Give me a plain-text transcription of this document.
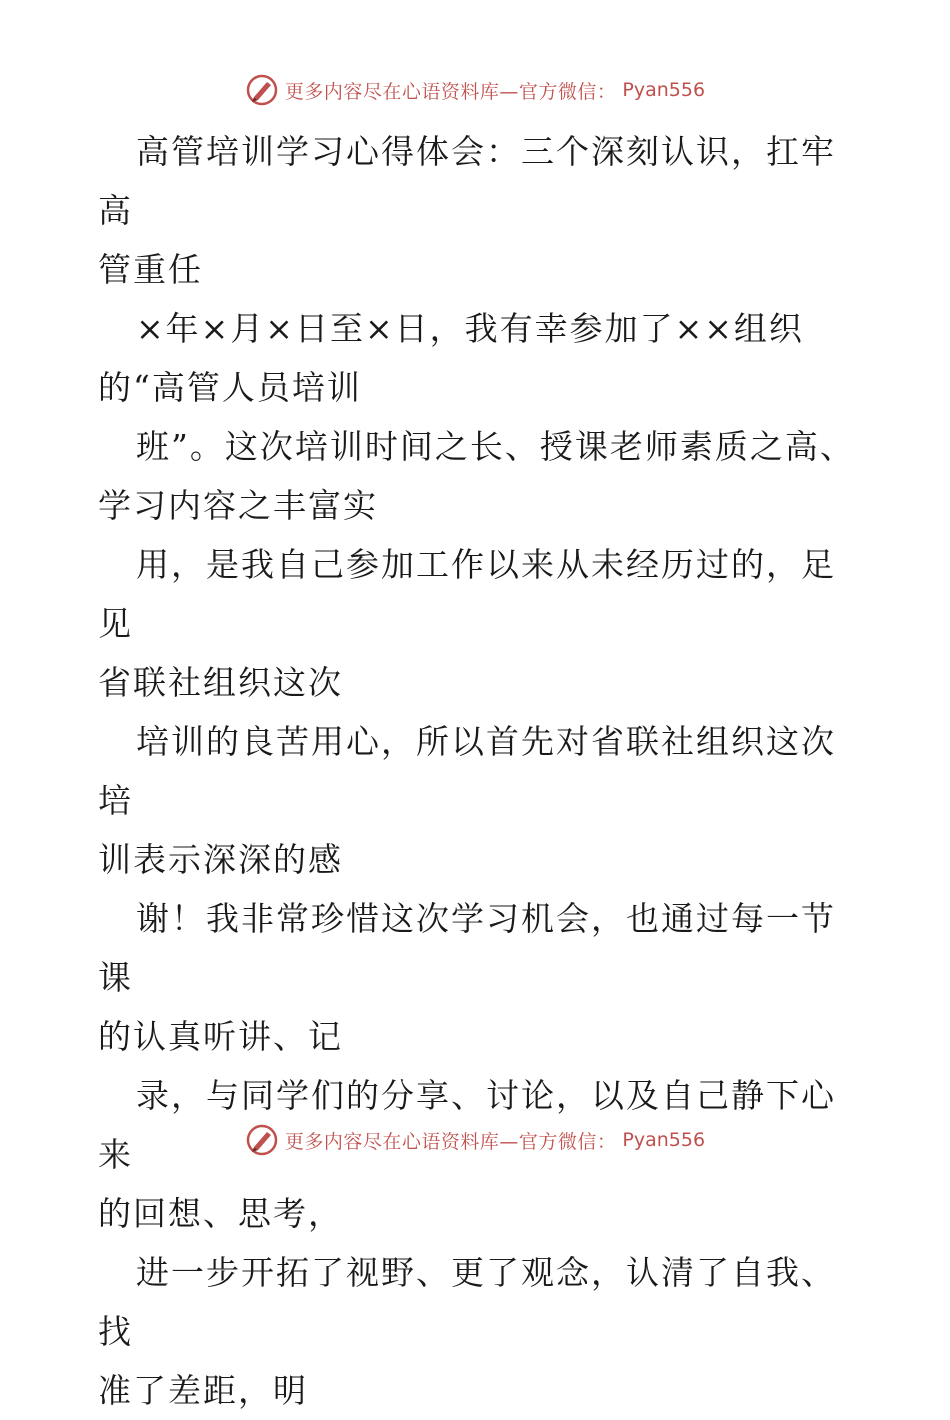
更多内容尽在心语资料库—官方微信： Pyan556

高管培训学习心得体会：三个深刻认识，扛牢高

管重任

×年×月×日至×日，我有幸参加了××组织

的“高管人员培训

班”。这次培训时间之长、授课老师素质之高、

学习内容之丰富实

用，是我自己参加工作以来从未经历过的，足见

省联社组织这次

培训的良苦用心，所以首先对省联社组织这次培

训表示深深的感

谢！我非常珍惜这次学习机会，也通过每一节课

的认真听讲、记

录，与同学们的分享、讨论，以及自己静下心来

的回想、思考，

进一步开拓了视野、更了观念，认清了自我、找

准了差距，明
更多内容尽在心语资料库—官方微信： Pyan556
